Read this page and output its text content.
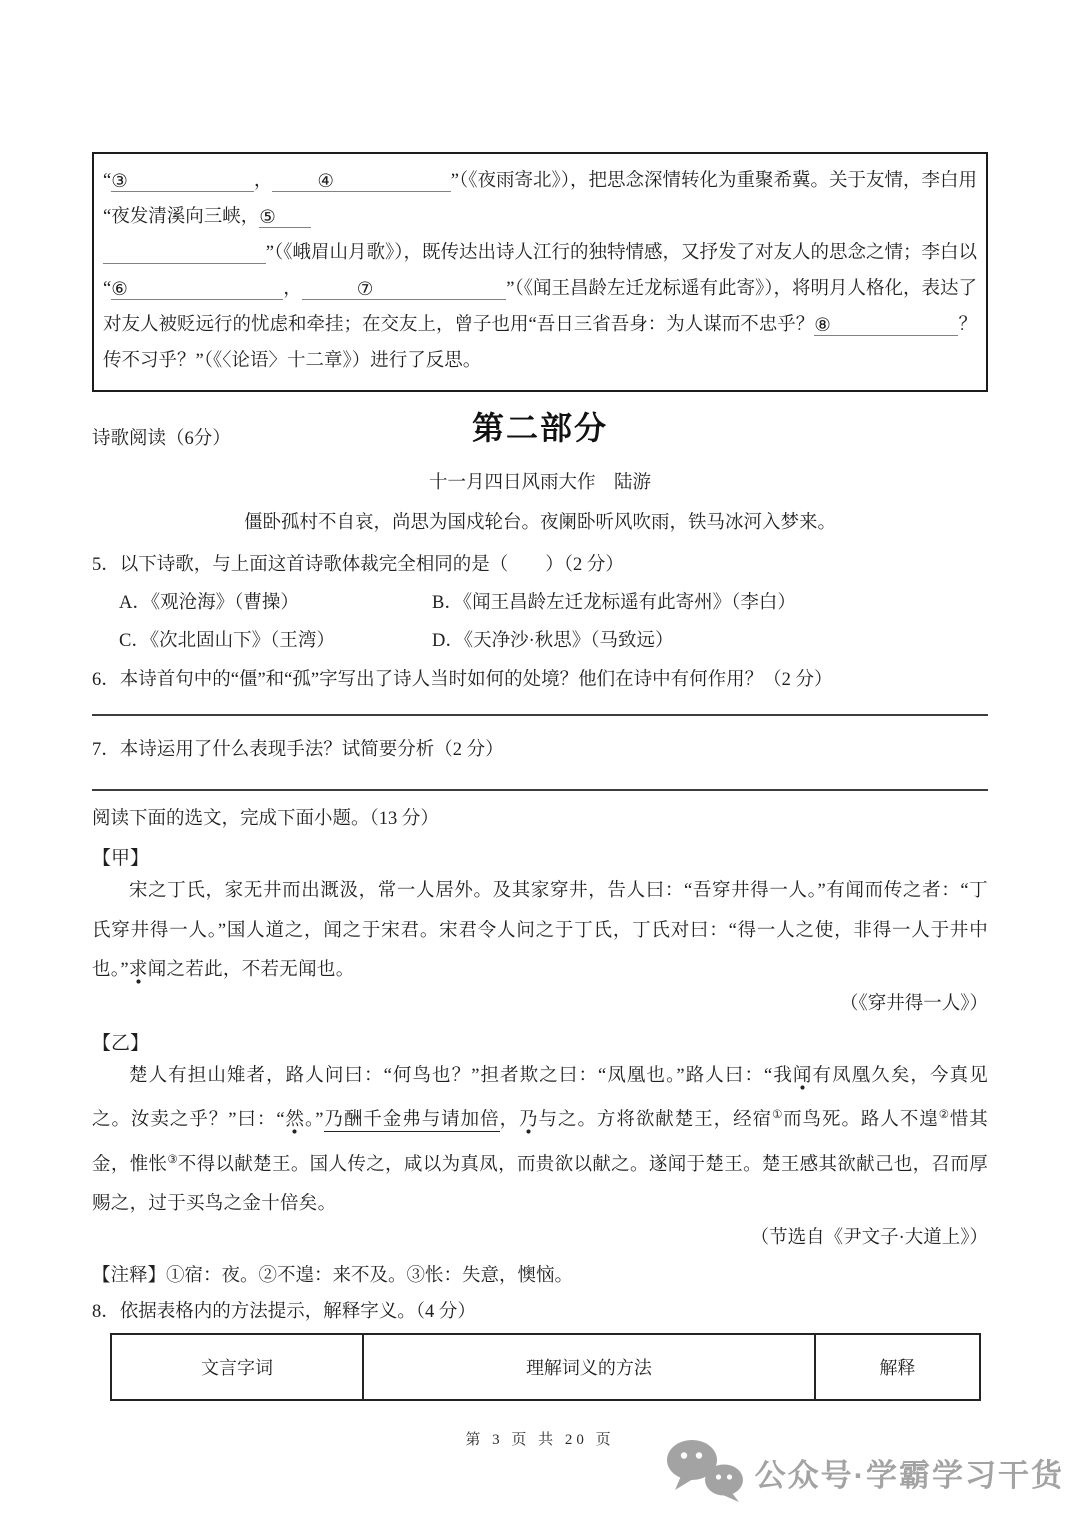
“ ③	，	④	”（《夜雨寄北》），把思念深情转化为重聚希冀。关于友情，李白用
“夜发清溪向三峡， ⑤
”（《峨眉山月歌》），既传达出诗人江行的独特情感，又抒发了对友人的思念之情；李白以
“ ⑥	，	⑦	”（《闻王昌龄左迁龙标遥有此寄》），将明月人格化，表达了
对友人被贬远行的忧虑和牵挂；在交友上，曾子也用“吾日三省吾身：为人谋而不忠乎？ ⑧	？
传不习乎？”（《〈论语〉十二章》）进行了反思。
第二部分
诗歌阅读（6分）
十一月四日风雨大作　陆游
僵卧孤村不自哀，尚思为国戍轮台。夜阑卧听风吹雨，铁马冰河入梦来。
5．以下诗歌，与上面这首诗歌体裁完全相同的是（　　）（2 分）
A．《观沧海》（曹操）	B．《闻王昌龄左迁龙标遥有此寄州》（李白）
C．《次北固山下》（王湾）	D．《天净沙·秋思》（马致远）
6．本诗首句中的“僵”和“孤”字写出了诗人当时如何的处境？他们在诗中有何作用？（2 分）
7．本诗运用了什么表现手法？试简要分析（2 分）
阅读下面的选文，完成下面小题。（13 分）
【甲】

宋之丁氏，家无井而出溉汲，常一人居外。及其家穿井，告人曰：“吾穿井得一人。”有闻而传之者：“丁氏穿井得一人。”国人道之，闻之于宋君。宋君令人问之于丁氏，丁氏对曰：“得一人之使，非得一人于井中也。”求闻之若此，不若无闻也。

（《穿井得一人》）
【乙】

楚人有担山雉者，路人问曰：“何鸟也？”担者欺之曰：“凤凰也。”路人曰：“我闻有凤凰久矣，今真见之。汝卖之乎？”曰：“然。”乃酬千金弗与请加倍，乃与之。方将欲献楚王，经宿①而鸟死。路人不遑②惜其金，惟怅③不得以献楚王。国人传之，咸以为真凤，而贵欲以献之。遂闻于楚王。楚王感其欲献己也，召而厚赐之，过于买鸟之金十倍矣。

（节选自《尹文子·大道上》）
【注释】①宿：夜。②不遑：来不及。③怅：失意，懊恼。
8．依据表格内的方法提示，解释字义。（4 分）
文言字词	理解词义的方法	解释
第 3 页 共 20 页
公众号·学霸学习干货
